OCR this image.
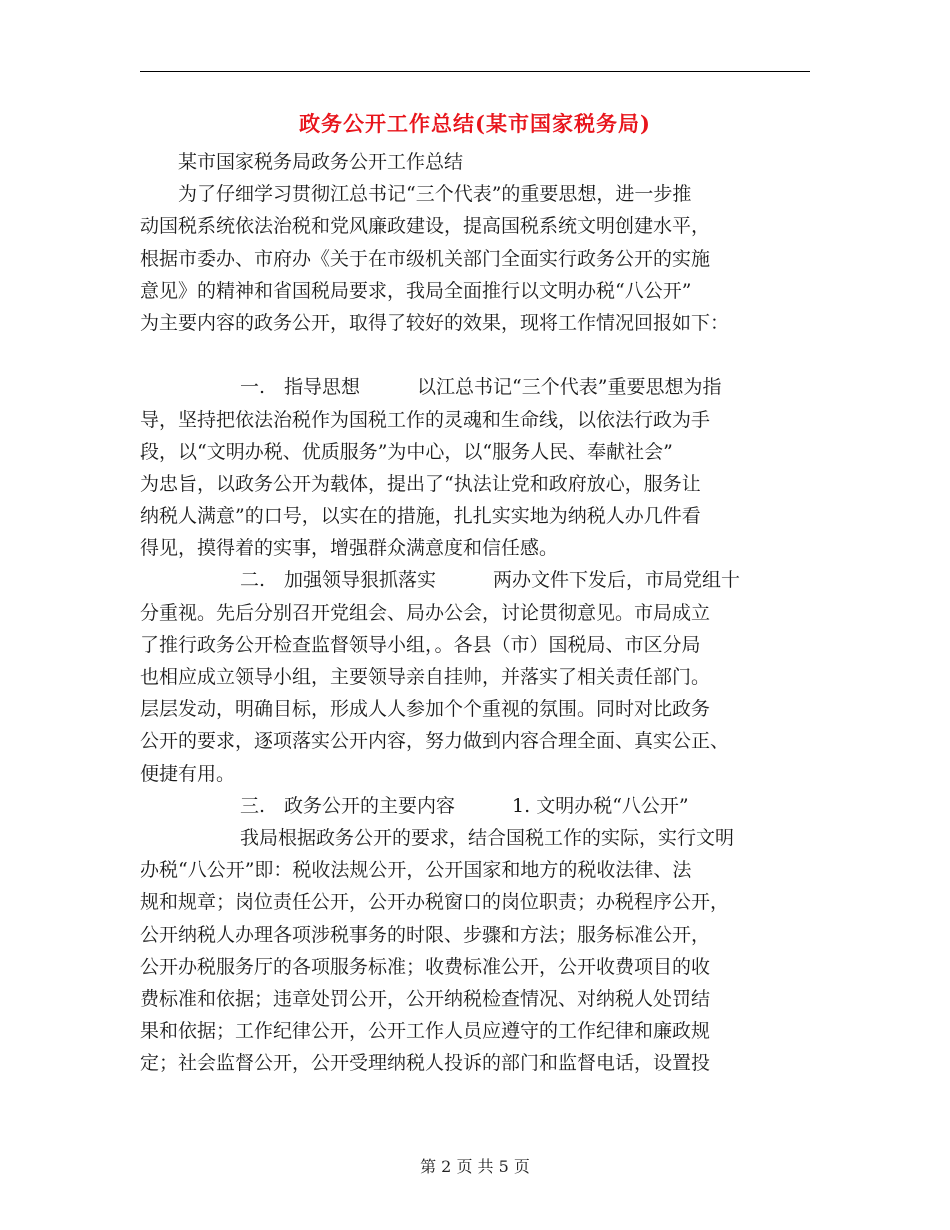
政务公开工作总结(某市国家税务局)
某市国家税务局政务公开工作总结
为了仔细学习贯彻江总书记“三个代表”的重要思想，进一步推
动国税系统依法治税和党风廉政建设，提高国税系统文明创建水平，
根据市委办、市府办《关于在市级机关部门全面实行政务公开的实施
意见》的精神和省国税局要求，我局全面推行以文明办税“八公开”
为主要内容的政务公开，取得了较好的效果，现将工作情况回报如下：
一.　指导思想　　　以江总书记“三个代表”重要思想为指
导，坚持把依法治税作为国税工作的灵魂和生命线，以依法行政为手
段，以“文明办税、优质服务”为中心，以“服务人民、奉献社会”
为忠旨，以政务公开为载体，提出了“执法让党和政府放心，服务让
纳税人满意”的口号，以实在的措施，扎扎实实地为纳税人办几件看
得见，摸得着的实事，增强群众满意度和信任感。
二.　加强领导狠抓落实　　　两办文件下发后，市局党组十
分重视。先后分别召开党组会、局办公会，讨论贯彻意见。市局成立
了推行政务公开检查监督领导小组，。各县（市）国税局、市区分局
也相应成立领导小组，主要领导亲自挂帅，并落实了相关责任部门。
层层发动，明确目标，形成人人参加个个重视的氛围。同时对比政务
公开的要求，逐项落实公开内容，努力做到内容合理全面、真实公正、
便捷有用。
三.　政务公开的主要内容　　　1. 文明办税“八公开”
我局根据政务公开的要求，结合国税工作的实际，实行文明
办税“八公开”即：税收法规公开，公开国家和地方的税收法律、法
规和规章；岗位责任公开，公开办税窗口的岗位职责；办税程序公开，
公开纳税人办理各项涉税事务的时限、步骤和方法；服务标准公开，
公开办税服务厅的各项服务标准；收费标准公开，公开收费项目的收
费标准和依据；违章处罚公开，公开纳税检查情况、对纳税人处罚结
果和依据；工作纪律公开，公开工作人员应遵守的工作纪律和廉政规
定；社会监督公开，公开受理纳税人投诉的部门和监督电话，设置投
第 2 页 共 5 页
